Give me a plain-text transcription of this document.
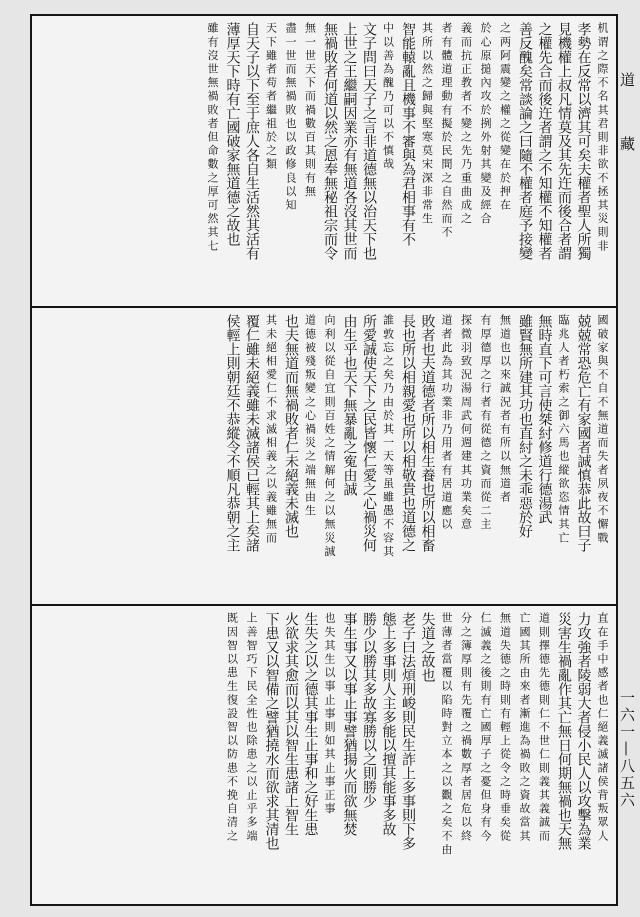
机谓之際不名其君則非欲不拯其災則非
孝勢在反常以濟其可矣夫權者聖人所獨
見機權上叔凡情莫及其先迕而後合者謂
之權先合而後迕者謂之不知權不知權者
善反醜矣常談論之曰隨不權者庭予接變
之两阿震變之權之從變在於押在
於心原搥內攻於挒外射其變及經合
義而抗正教者不變之先乃重曲成之
者有體道理動有擬於民間之自然而不
其所以然之歸與堅寒莫宋深非常生
智能轅亂且機事不審與為君相事有不
中以善為醜乃可以不慎哉
文子問曰天子之言非道德無以治天下也
上世之王繼嗣因業亦有無道各沒其世而
無禍敗者何道以然之恩奉無秘祖宗而令
無一世天下而禍數百其則有無
盡一世而無禍敗也以政修良以知
天下雖者苟者繼祖於之類
自天子以下至于庶人各自生活然其活有
薄厚天下時有亡國破家無道德之故也
雖有沒世無禍敗者但命數之厚可然其七
國破家與不自不無道而失者夙夜不懈戰
兢兢常恐危亡有家國者誠慎恭此故曰子
臨兆人者朽索之御六馬也縱欲恣情其亡
無時直下可言使桀紂修道行德湯武
雖賢無所建其功也直紂之未乖惡於好
無道也以來誠況者有所以無道者
有厚德厚之行者有從德之資而從二主
探微羽致況湯周武何週建其功業矣意
道者此為其功業非乃用者有居道應以
敗者也夫道德者所以相生養也所以相畜
長也所以相親愛也所以相敬貴也道德之
誰敦忘之矣乃由於其一天等虽雖愚不容其
所愛誠使天下之民皆懷仁愛之心禍災何
由生乎也天下無暴亂之寃由誠
向利以從自宜則百姓之情解何之以無災誠
道德被殘叛變之心禍災之端無由生
也夫無道而無禍敗者仁未絕義未滅也
其未絕相愛仁不求滅相義之以義雖無而
覆仁雖未絕義雖未滅諸侯已輕其上矣諸
侯輕上則朝廷不恭縱令不順凡恭朝之主
直在手中感者也仁絕義滅諸侯背叛眾人
力攻強者陵弱大者侵小民人以攻擊為業
災害生禍亂作其亡無日何期無禍也天無
道則擇德先德則仁不世仁則義其義誠而
亡國其所由來者漸進為禍敗之資故當其
無道失德之時則有輕上從令之時垂矣從
仁滅義之後則有亡國厚子之憂但身有今
分之簿厚則有先覆之禍數厚者居危以終
世薄者當覆以陷時對立本之以觀之矣不由
失道之故也
老子曰法煩刑峻則民生詐上多事則下多
態上多事則人主多能以擅其能事多故
勝少以勝其多故寡勝以之則勝少
事生事又以事止事譬猶揚火而欲無焚
也失其生以事止事則如其止事正事
生失之以之德其事生止事和之好生患
火欲求其愈而以其以智生患諸上智生
下患又以智備之譬猶撓水而欲求其清也
上善智巧下民全性也除患之以止乎多端
既因智以患生復設智以防患不挽自清之
道 藏
一六一—八五六
